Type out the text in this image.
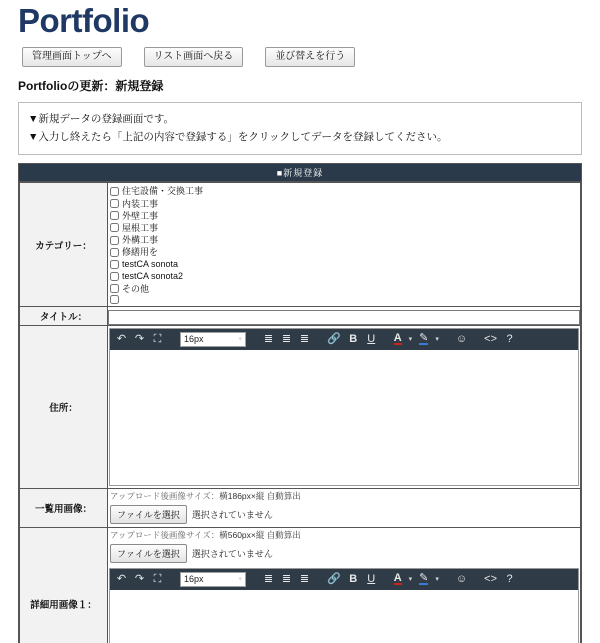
Portfolio
管理画面トップへ	リスト画面へ戻る	並び替えを行う
Portfolioの更新：新規登録
▼新規データの登録画面です。
▼入力し終えたら「上記の内容で登録する」をクリックしてデータを登録してください。
■新規登録
カテゴリー：	
住宅設備・交換工事
内装工事
外壁工事
屋根工事
外構工事
修繕用を
testCA sonota
testCA sonota2
その他

タイトル：	
住所：	
↶ ↷ ⛶	16px	▾ ≣ ≣ ≣ 🔗 B U A ▾ ✎ ▾ ☺ <> ?

一覧用画像：	アップロード後画像サイズ：横186px×縦 自動算出
ファイルを選択 選択されていません

詳細用画像１：	
アップロード後画像サイズ：横560px×縦 自動算出
ファイルを選択	選択されていません
↶ ↷ ⛶	16px	▾ ≣ ≣ ≣ 🔗 B U A ▾ ✎ ▾ ☺ <> ?
